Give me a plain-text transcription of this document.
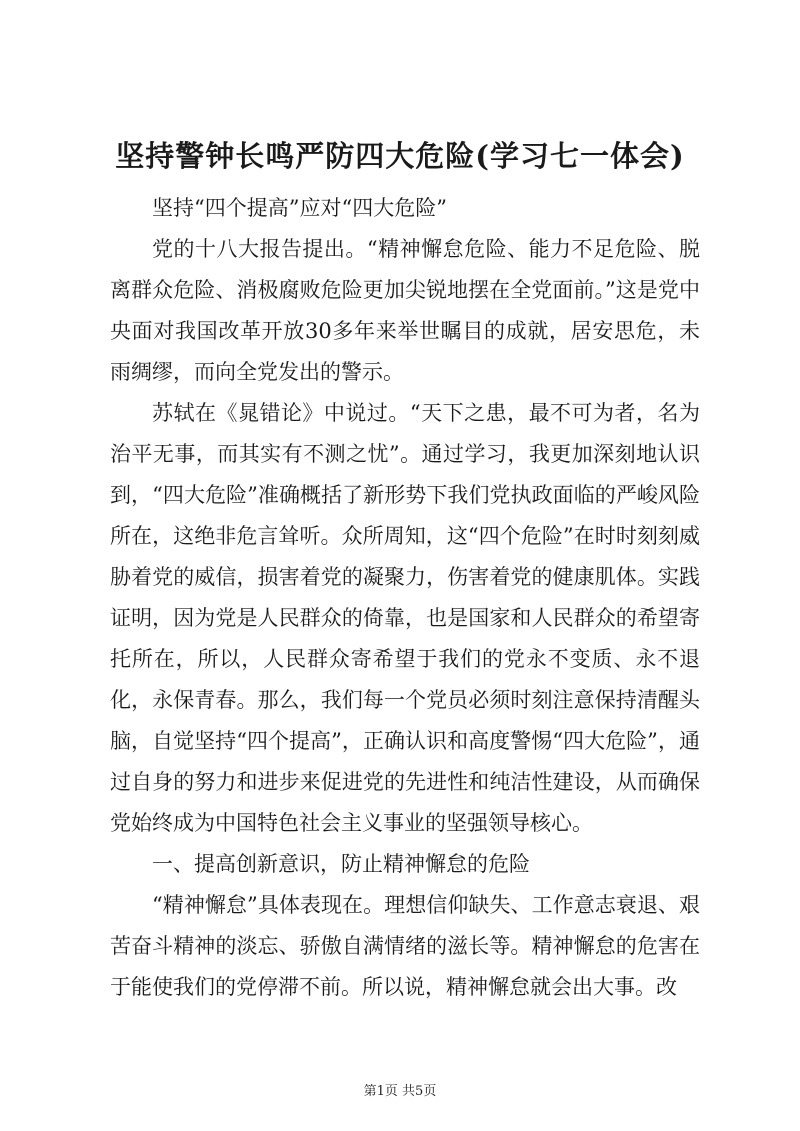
坚持警钟长鸣严防四大危险(学习七一体会)

坚持“四个提高”应对“四大危险”

党的十八大报告提出。“精神懈怠危险、能力不足危险、脱离群众危险、消极腐败危险更加尖锐地摆在全党面前。”这是党中央面对我国改革开放30多年来举世瞩目的成就，居安思危，未雨绸缪，而向全党发出的警示。

苏轼在《晁错论》中说过。“天下之患，最不可为者，名为治平无事，而其实有不测之忧”。通过学习，我更加深刻地认识到，“四大危险”准确概括了新形势下我们党执政面临的严峻风险所在，这绝非危言耸听。众所周知，这“四个危险”在时时刻刻威胁着党的威信，损害着党的凝聚力，伤害着党的健康肌体。实践证明，因为党是人民群众的倚靠，也是国家和人民群众的希望寄托所在，所以，人民群众寄希望于我们的党永不变质、永不退化，永保青春。那么，我们每一个党员必须时刻注意保持清醒头脑，自觉坚持“四个提高”，正确认识和高度警惕“四大危险”，通过自身的努力和进步来促进党的先进性和纯洁性建设，从而确保党始终成为中国特色社会主义事业的坚强领导核心。

一、提高创新意识，防止精神懈怠的危险

“精神懈怠”具体表现在。理想信仰缺失、工作意志衰退、艰苦奋斗精神的淡忘、骄傲自满情绪的滋长等。精神懈怠的危害在于能使我们的党停滞不前。所以说，精神懈怠就会出大事。改

第1页 共5页
